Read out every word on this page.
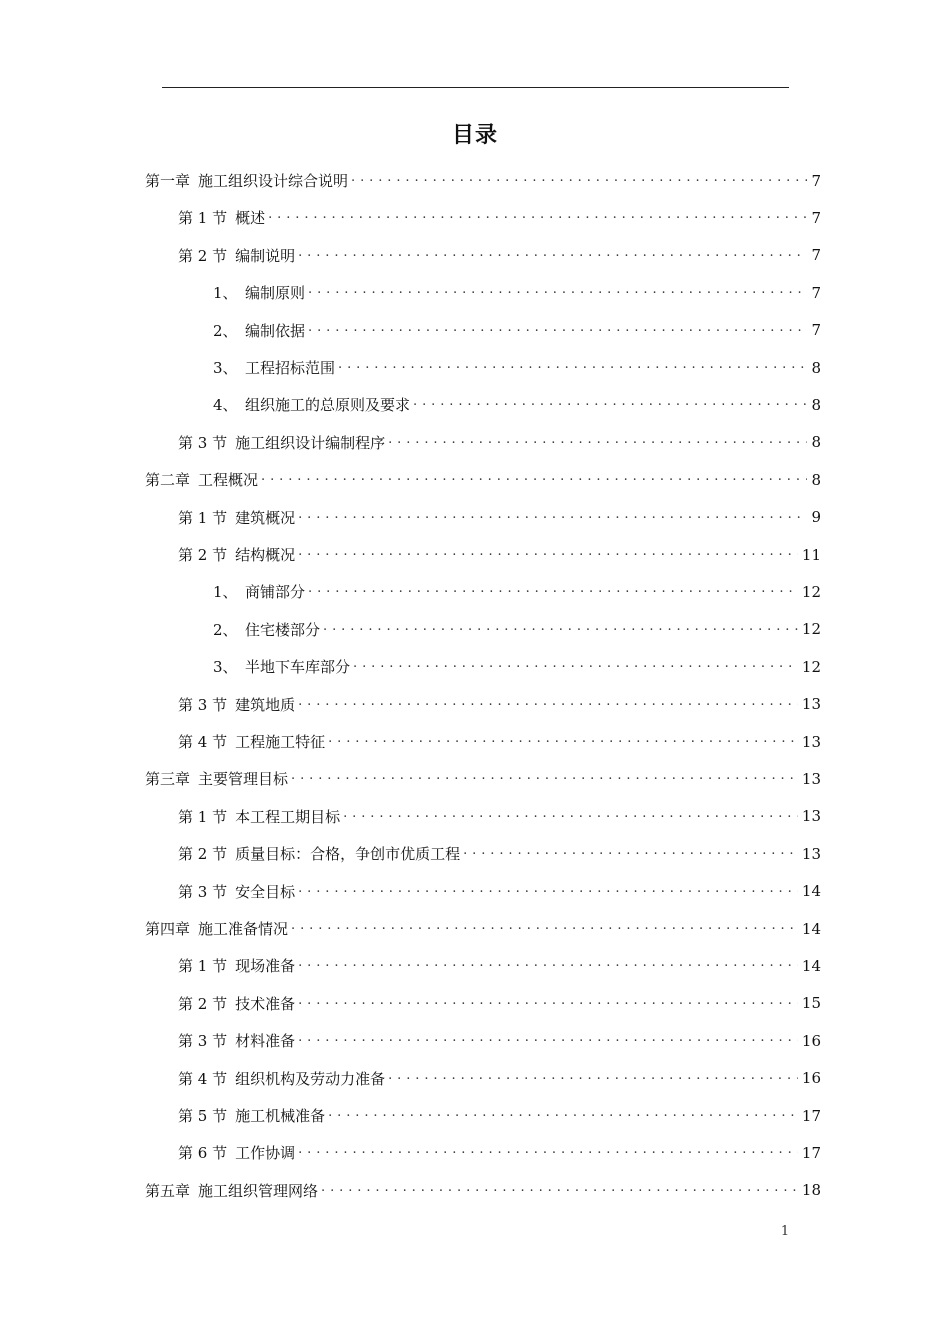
目录
第一章 施工组织设计综合说明 . . .	7
第 1 节 概述 . . .	7
第 2 节 编制说明 . . .	7
1、 编制原则 . . .	7
2、 编制依据 . . .	7
3、 工程招标范围 . . .	8
4、 组织施工的总原则及要求 . . .	8
第 3 节 施工组织设计编制程序 . . .	8
第二章 工程概况 . . .	8
第 1 节 建筑概况 . . .	9
第 2 节 结构概况 . . .	11
1、 商铺部分 . . .	12
2、 住宅楼部分 . . .	12
3、 半地下车库部分 . . .	12
第 3 节 建筑地质 . . .	13
第 4 节 工程施工特征 . . .	13
第三章 主要管理目标 . . .	13
第 1 节 本工程工期目标 . . .	13
第 2 节 质量目标：合格，争创市优质工程 . . .	13
第 3 节 安全目标 . . .	14
第四章 施工准备情况 . . .	14
第 1 节 现场准备 . . .	14
第 2 节 技术准备 . . .	15
第 3 节 材料准备 . . .	16
第 4 节 组织机构及劳动力准备 . . .	16
第 5 节 施工机械准备 . . .	17
第 6 节 工作协调 . . .	17
第五章 施工组织管理网络 . . .	18
1
